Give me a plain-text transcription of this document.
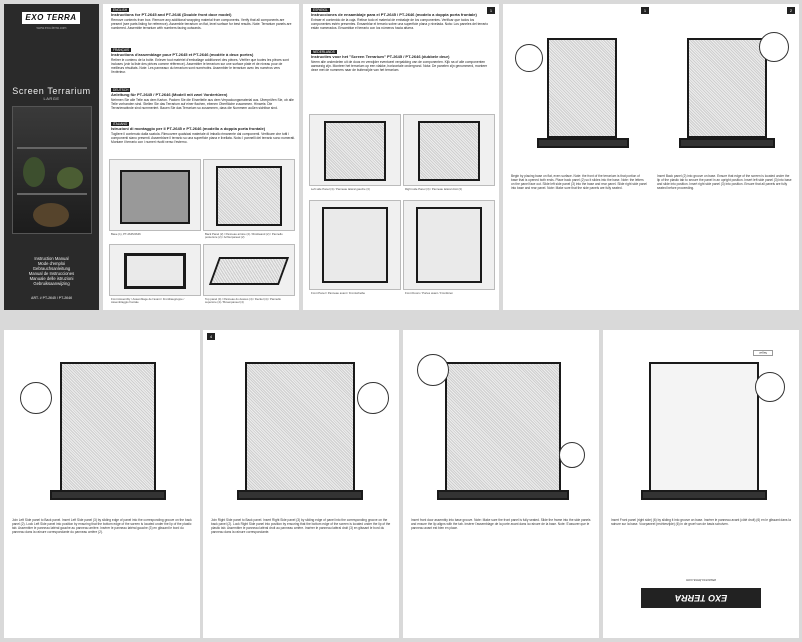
EXO TERRA
www.exo-terra.com
Screen Terrarium
LARGE
Instruction Manual
Mode d'emploi
Gebrauchsanleitung
Manual de Instrucciones
Manuale delle istruzioni
Gebruiksaanwijzing
ART. # PT-2645 / PT-2646
ENGLISH
Instructions for PT-2645 and PT-2646 (Double front door model)
Remove contents from box. Remove any additional wrapping material from components. Verify that all components are present (see parts listing for reference). Assemble terrarium on flat, level surface for best results. Note: Terrarium panels are numbered. Assemble terrarium with numbers facing outwards.
FRANÇAIS
Instructions d'assemblage pour PT-2645 et PT-2646 (modèle à deux portes)
Retirer le contenu de la boîte. Enlever tout matériel d'emballage additionnel des pièces. Vérifier que toutes les pièces sont incluses (voir la liste des pièces comme référence). Assembler le terrarium sur une surface plate et de niveau pour de meilleurs résultats. Note: Les panneaux du terrarium sont numérotés. Assembler le terrarium avec les numéros vers l'extérieur.
DEUTSCH
Anleitung für PT-2645 / PT-2646 (Modell mit zwei Vordertüren)
Nehmen Sie alle Teile aus dem Karton. Packen Sie die Einzelteile aus dem Verpackungsmaterial aus. Überprüfen Sie, ob alle Teile vorhanden sind. Stellen Sie das Terrarium auf einer flachen, ebenen Oberfläche zusammen. Hinweis: Die Terrarienwände sind nummeriert. Bauen Sie das Terrarium so zusammen, dass die Nummern außen sichtbar sind.
ITALIANO
Istruzioni di montaggio per il PT-2645 e PT-2646 (modello a doppia porta frontale)
Togliere il contenuto dalla scatola. Rimuovere qualsiasi materiale di imballo rimanente dai componenti. Verificare che tutti i componenti siano presenti. Assemblare il terrario su una superficie piana e livellata. Nota: I pannelli del terrario sono numerati. Montare il terrario con i numeri rivolti verso l'esterno.
Base (1), PT-2645/2646	Back Panel (2) / Panneau arrière (2) / Rückwand (2) / Pannello posteriore (2) / Achterpaneel (2)
Front Assembly / Assemblage de l'avant / Frontbaugruppe / Assemblaggio frontale
Top panel (4) / Panneau du dessus (4) / Deckel (4) / Pannello superiore (4) / Bovenpaneel (4)
1
ESPAÑOL
Instrucciones de ensamblaje para el PT-2645 / PT-2646 (modelo a doppia porta frontale)
Extraer el contenido de la caja. Retirar todo el material de embalaje de los componentes. Verificar que todos los componentes estén presentes. Ensamblar el terrario sobre una superficie plana y nivelada. Nota: Los paneles del terrario están numerados. Ensamblar el terrario con los números hacia afuera.
NEDERLANDS
Instructies voor het "Screen Terrarium" PT-2645 / PT-2646 (dubbele deur)
Neem alle onderdelen uit de doos en verwijder eventueel verpakking van de componenten. Kijk na of alle componenten aanwezig zijn. Monteer het terrarium op een vlakke, horizontale ondergrond. Nota: De panelen zijn genummerd, monteer deze met de nummers naar de buitenzijde van het terrarium.
Left side Panel (3) / Panneau latéral gauche (3)	Right side Panel (3) / Panneau latéral droit (3)
Front Panel / Panneau avant / Frontscheibe	Front Doors / Portes avant / Fronttüren
1	2
Begin by placing base on flat, even surface. Note: the front of the terrarium is that portion of base that is opened both ends. Place back panel (2) so it slides into the base. Note: the letters on the panel face out. Slide left side panel (3) into the base and rear panel. Slide right side panel into base and rear panel. Note: Make sure that the side panels are fully seated.
Insert Back panel (2) into groove on base. Ensure that edge of the screen is located under the lip of the plastic tab to secure the panel in an upright position. Insert left side panel (3) into base and slide into position. Insert right side panel (3) into position. Ensure that all panels are fully seated before proceeding.
Join Left Side panel to Back panel. Insert Left Side panel (3) by sliding edge of panel into the corresponding groove on the back panel (2). Lock Left Side panel into position by ensuring that the bottom edge of the screen is located under the lip of the plastic tab. Assembler le panneau latéral gauche au panneau arrière. Insérer le panneau latéral gauche (3) en glissant le bord du panneau dans la rainure correspondante du panneau arrière (2).
4
Join Right Side panel to Back panel. Insert Right Side panel (3) by sliding edge of panel into the corresponding groove on the back panel (2). Lock Right Side panel into position by ensuring that the bottom edge of the screen is located under the lip of the plastic tab. Assembler le panneau latéral droit au panneau arrière. Insérer le panneau latéral droit (3) en glissant le bord du panneau dans la rainure correspondante.
Insert front door assembly into base groove. Note: Make sure the front panel is fully seated. Slide the frame into the side panels and ensure the lip aligns with the tab. Insérer l'assemblage de la porte avant dans la rainure de la base. Note: S'assurer que le panneau avant est bien en place.
Insert Front panel (right side) (6) by sliding it into groove on base. Insérer le panneau avant (côté droit) (6) en le glissant dans la rainure sur la base. Voorpaneel (rechterzijde) (6) in de groef van de basis schuiven.
www.exo-terra.com
EXO TERRA
hagen
